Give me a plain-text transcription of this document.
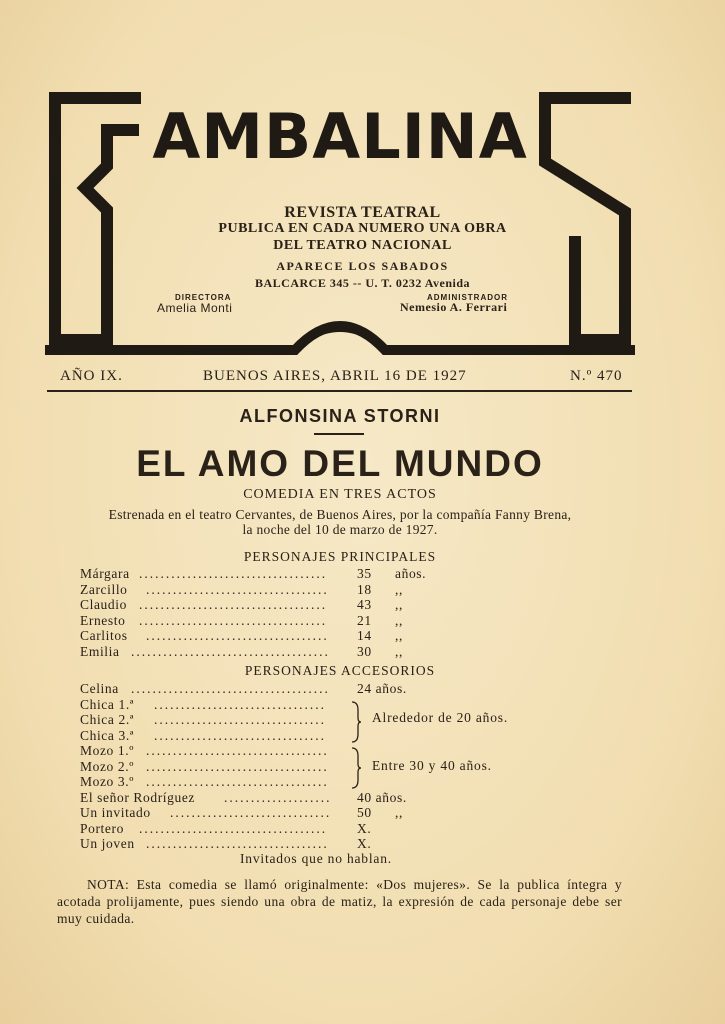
AMBALINA
REVISTA TEATRAL
PUBLICA EN CADA NUMERO UNA OBRA
DEL TEATRO NACIONAL
APARECE LOS SABADOS
BALCARCE 345 -- U. T. 0232 Avenida
DIRECTORA
Amelia Monti
ADMINISTRADOR
Nemesio A. Ferrari
AÑO IX.	BUENOS AIRES, ABRIL 16 DE 1927	N.º 470
ALFONSINA STORNI
EL AMO DEL MUNDO
COMEDIA EN TRES ACTOS
Estrenada en el teatro Cervantes, de Buenos Aires, por la compañía Fanny Brena,
la noche del 10 de marzo de 1927.
PERSONAJES PRINCIPALES
Márgara ................................... 35 años.
Zarcillo .................................. 18 ,,
Claudio ................................... 43 ,,
Ernesto ................................... 21 ,,
Carlitos .................................. 14 ,,
Emilia ..................................... 30 ,,
PERSONAJES ACCESORIOS
Celina ..................................... 24 años.
Chica 1.ª ................................
Chica 2.ª ................................
Chica 3.ª ................................
Mozo 1.º ..................................
Mozo 2.º ..................................
Mozo 3.º ..................................
El señor Rodríguez .................... 40 años.
Un invitado .............................. 50 ,,
Portero ................................... X.
Un joven .................................. X.
Alrededor de 20 años.
Entre 30 y 40 años.
Invitados que no hablan.
NOTA: Esta comedia se llamó originalmente: «Dos mujeres». Se la publica íntegra y acotada prolijamente, pues siendo una obra de matiz, la expresión de cada personaje debe ser muy cuidada.
